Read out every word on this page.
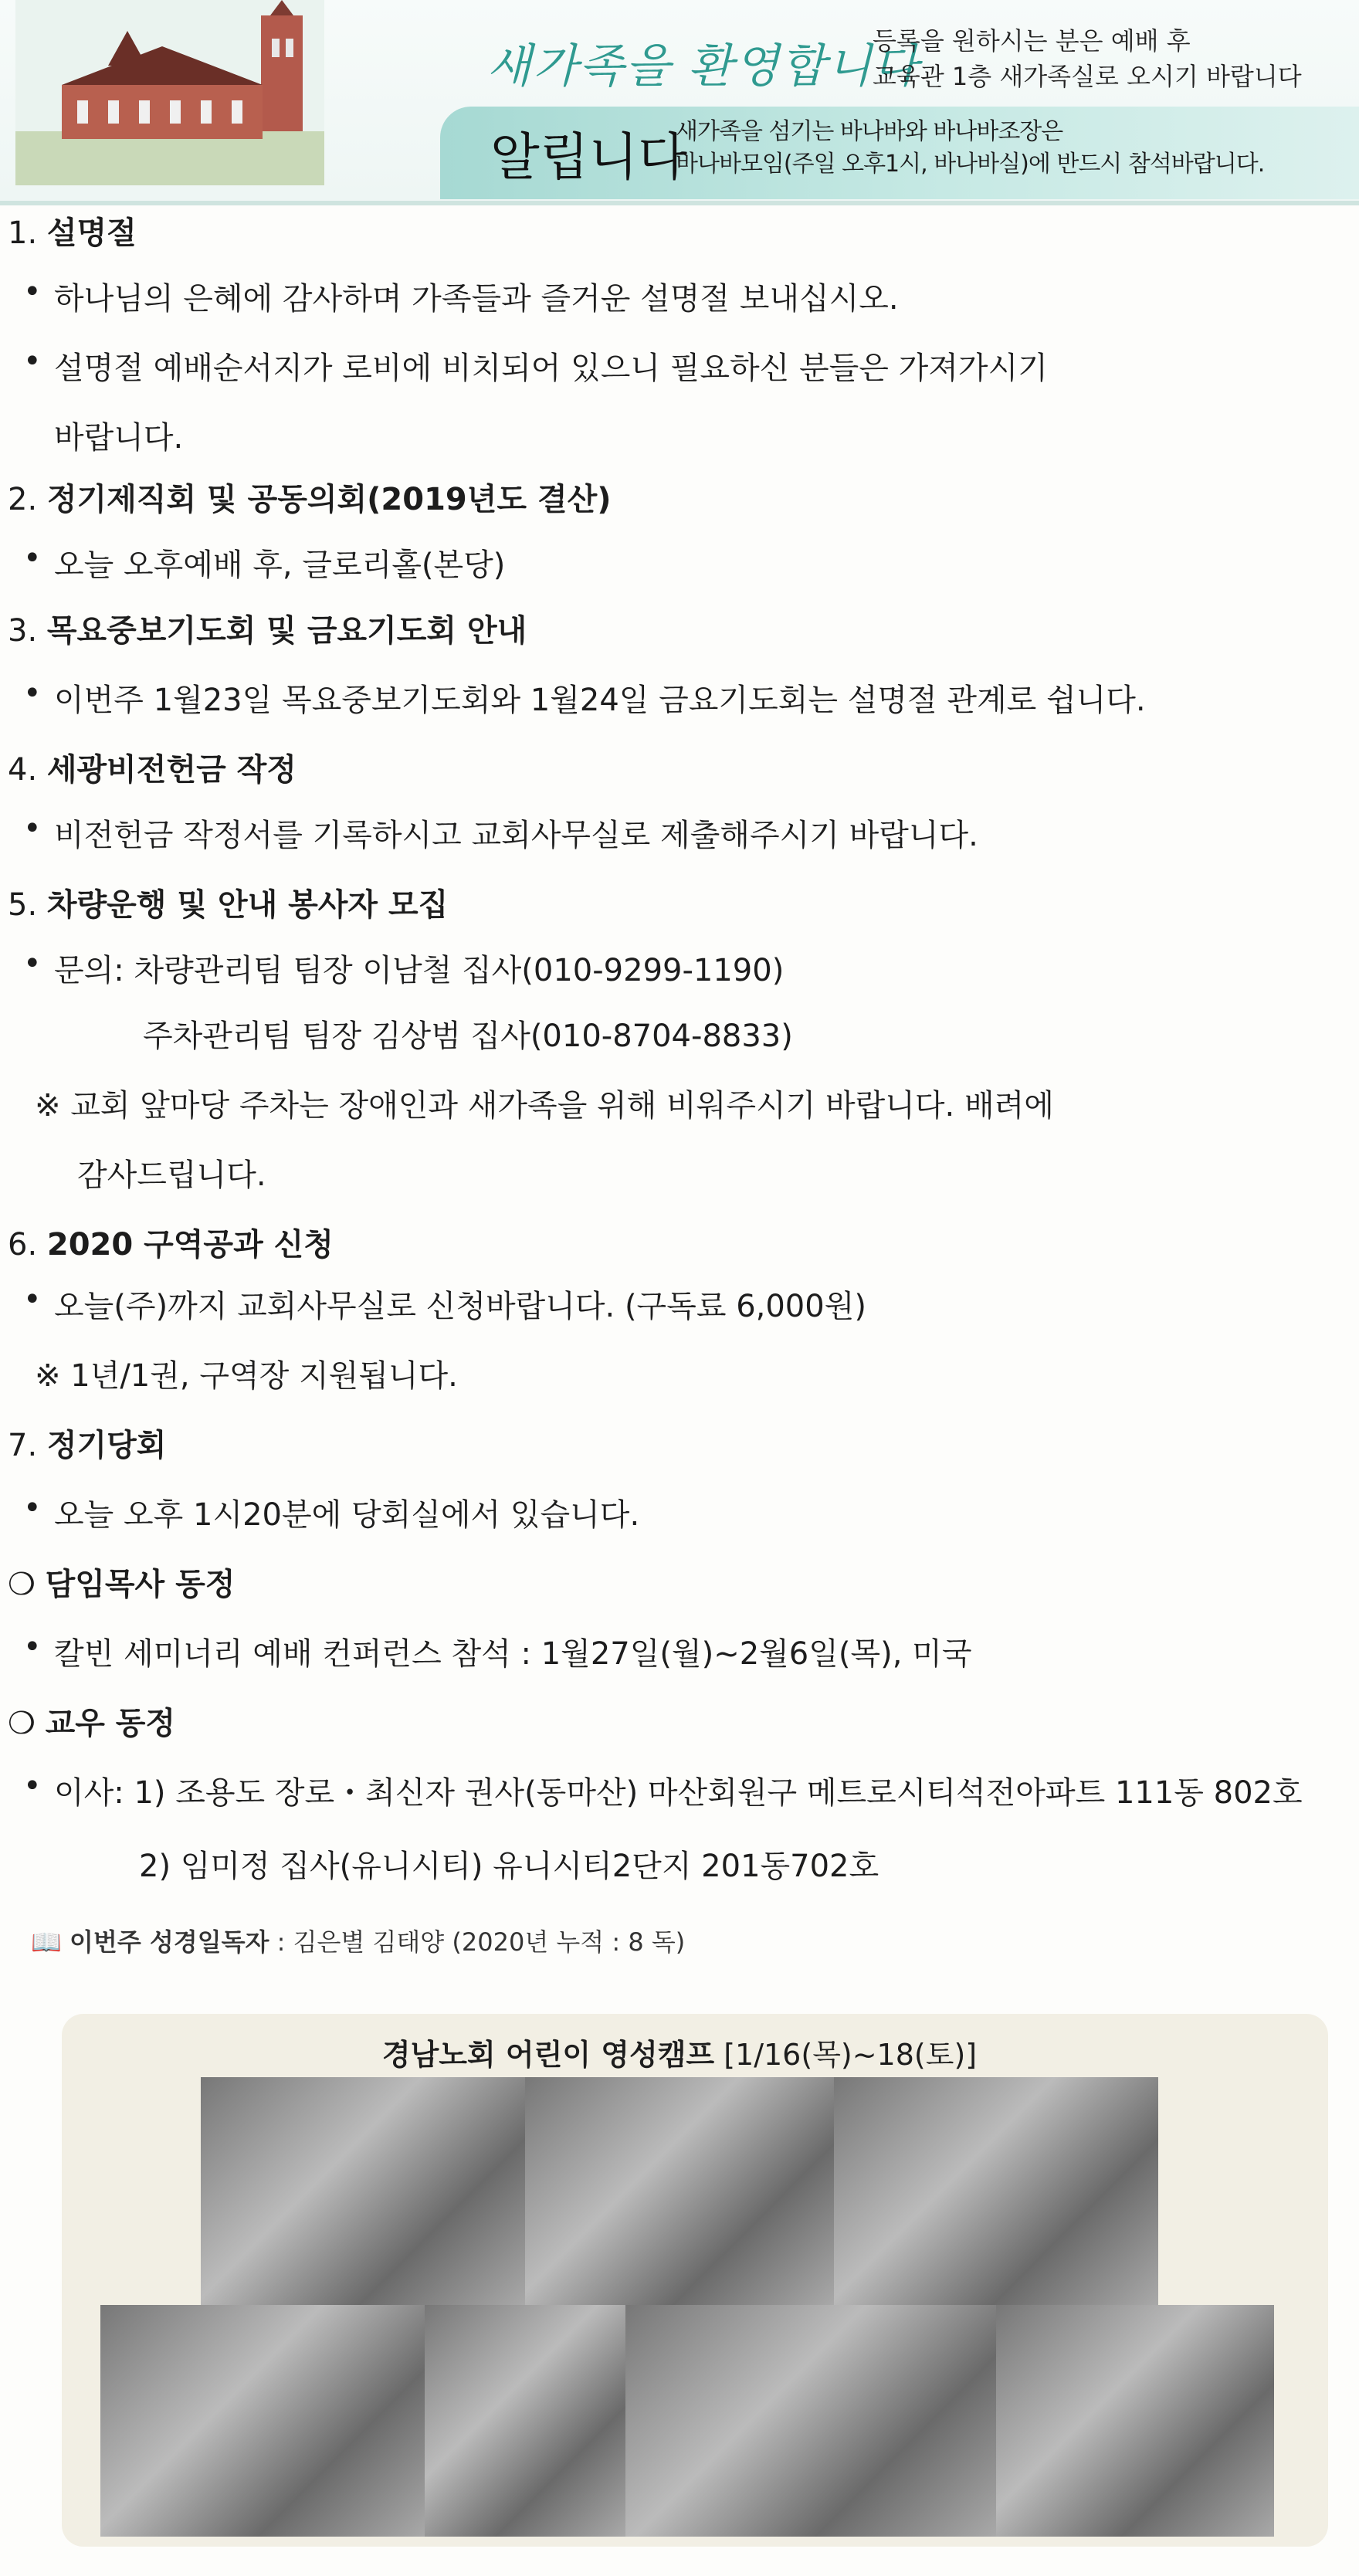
새가족을 환영합니다
등록을 원하시는 분은 예배 후
교육관 1층 새가족실로 오시기 바랍니다
알립니다
새가족을 섬기는 바나바와 바나바조장은
바나바모임(주일 오후1시, 바나바실)에 반드시 참석바랍니다.
1. 설명절
• 하나님의 은혜에 감사하며 가족들과 즐거운 설명절 보내십시오.
• 설명절 예배순서지가 로비에 비치되어 있으니 필요하신 분들은 가져가시기
바랍니다.
2. 정기제직회 및 공동의회(2019년도 결산)
• 오늘 오후예배 후, 글로리홀(본당)
3. 목요중보기도회 및 금요기도회 안내
• 이번주 1월23일 목요중보기도회와 1월24일 금요기도회는 설명절 관계로 쉽니다.
4. 세광비전헌금 작정
• 비전헌금 작정서를 기록하시고 교회사무실로 제출해주시기 바랍니다.
5. 차량운행 및 안내 봉사자 모집
• 문의: 차량관리팀 팀장 이남철 집사(010-9299-1190)
주차관리팀 팀장 김상범 집사(010-8704-8833)
※ 교회 앞마당 주차는 장애인과 새가족을 위해 비워주시기 바랍니다. 배려에
감사드립니다.
6. 2020 구역공과 신청
• 오늘(주)까지 교회사무실로 신청바랍니다. (구독료 6,000원)
※ 1년/1권, 구역장 지원됩니다.
7. 정기당회
• 오늘 오후 1시20분에 당회실에서 있습니다.
❍ 담임목사 동정
• 칼빈 세미너리 예배 컨퍼런스 참석 : 1월27일(월)~2월6일(목), 미국
❍ 교우 동정
• 이사: 1) 조용도 장로・최신자 권사(동마산) 마산회원구 메트로시티석전아파트 111동 802호
2) 임미정 집사(유니시티) 유니시티2단지 201동702호
📖 이번주 성경일독자 : 김은별 김태양 (2020년 누적 : 8 독)
경남노회 어린이 영성캠프 [1/16(목)~18(토)]
